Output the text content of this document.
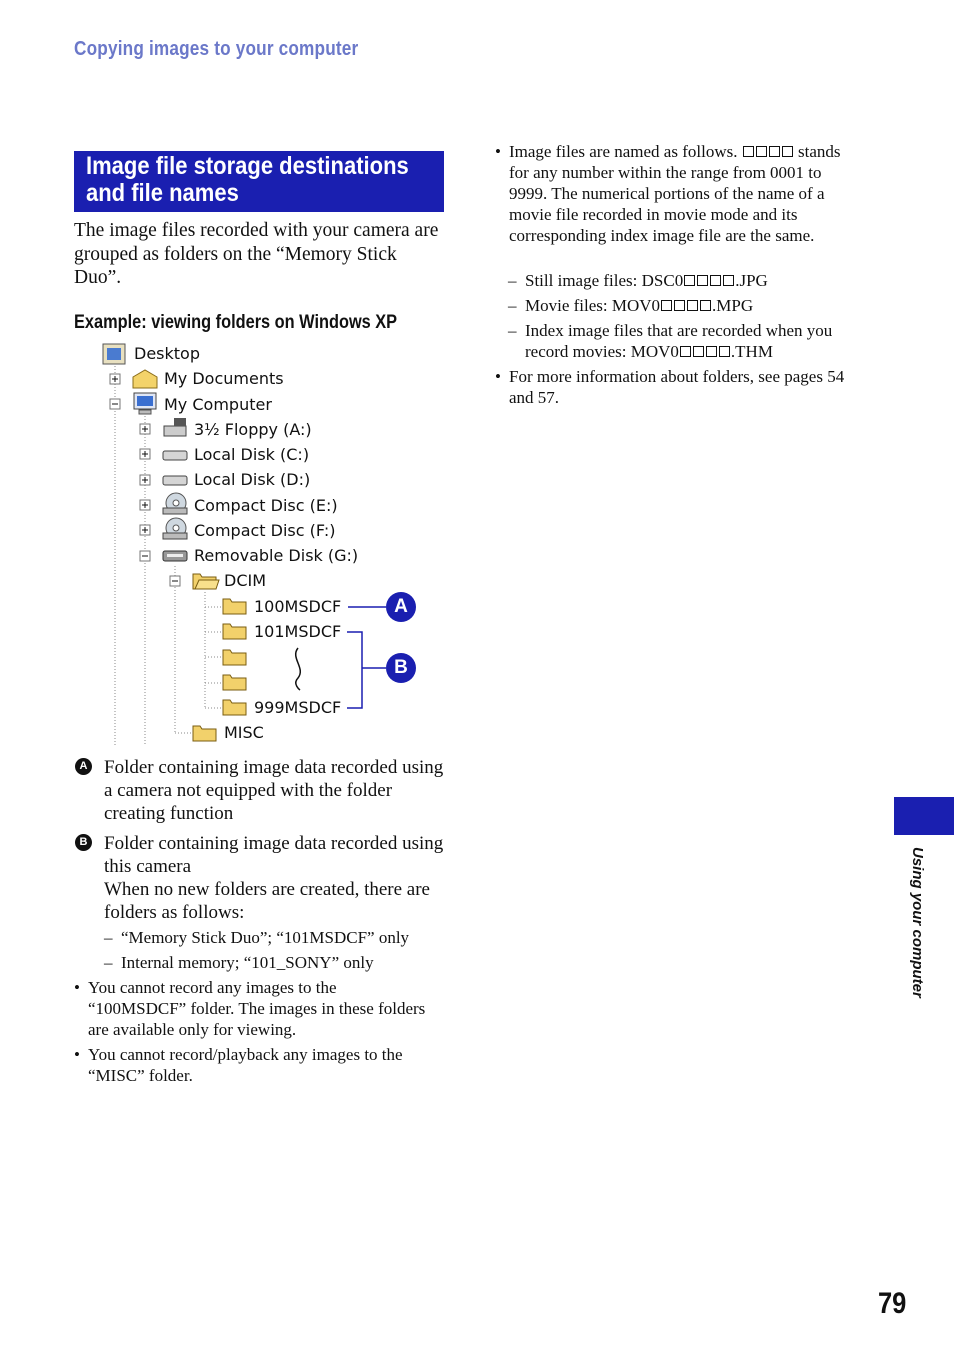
Copying images to your computer
Image file storage destinations
and file names
The image files recorded with your camera are grouped as folders on the “Memory Stick Duo”.
Example: viewing folders on Windows XP
Desktop
My Documents
My Computer
3½ Floppy (A:)
Local Disk (C:)
Local Disk (D:)
Compact Disc (E:)
Compact Disc (F:)
Removable Disk (G:)
DCIM
100MSDCF
101MSDCF
999MSDCF
MISC
A
B
A Folder containing image data recorded using a camera not equipped with the folder creating function
B Folder containing image data recorded using this camera
When no new folders are created, there are folders as follows:
– “Memory Stick Duo”; “101MSDCF” only
– Internal memory; “101_SONY” only
• You cannot record any images to the “100MSDCF” folder. The images in these folders are available only for viewing.
• You cannot record/playback any images to the “MISC” folder.
• Image files are named as follows.	stands for any number within the range from 0001 to 9999. The numerical portions of the name of a movie file recorded in movie mode and its corresponding index image file are the same.
– Still image files: DSC0	.JPG
– Movie files: MOV0	.MPG
– Index image files that are recorded when you
record movies: MOV0	.THM
• For more information about folders, see pages 54 and 57.
Using your computer
79
